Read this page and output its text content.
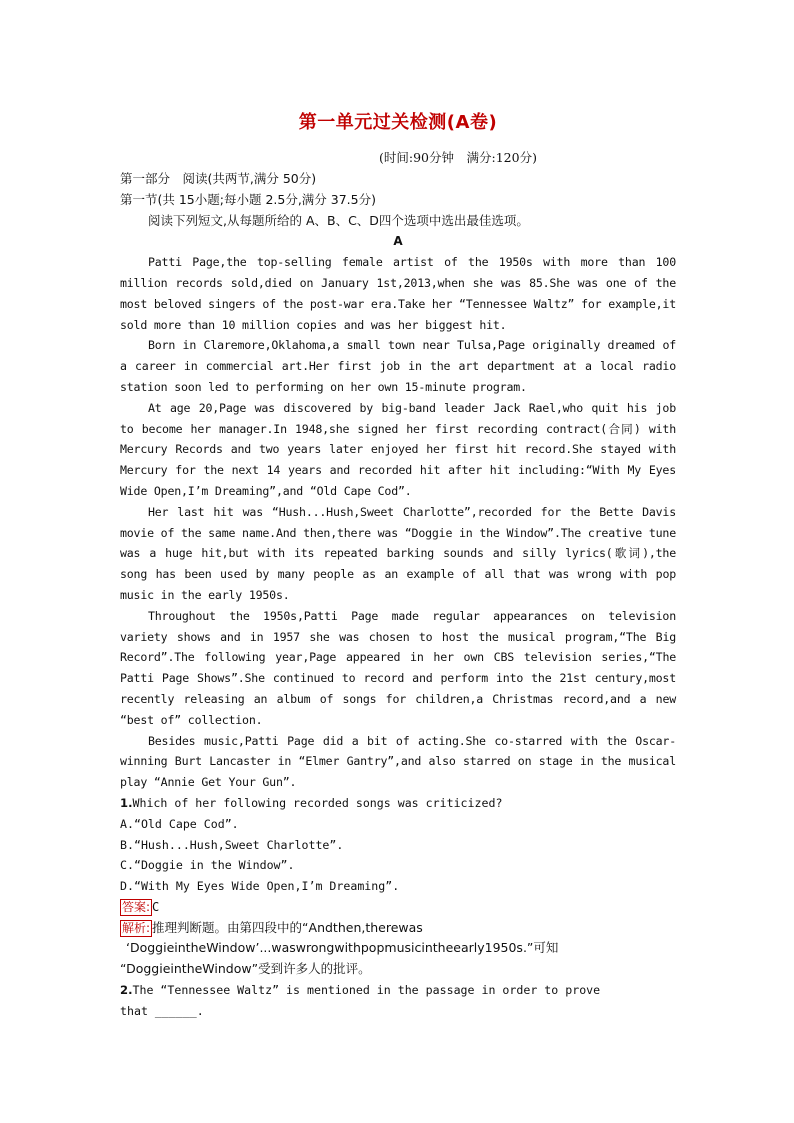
第一单元过关检测(A卷)
(时间:90分钟　满分:120分)
第一部分　阅读(共两节,满分 50分)
第一节(共 15小题;每小题 2.5分,满分 37.5分)
阅读下列短文,从每题所给的 A、B、C、D四个选项中选出最佳选项。
A

Patti Page,the top-selling female artist of the 1950s with more than 100 million records sold,died on January 1st,2013,when she was 85.She was one of the most beloved singers of the post-war era.Take her “Tennessee Waltz” for example,it sold more than 10 million copies and was her biggest hit.

Born in Claremore,Oklahoma,a small town near Tulsa,Page originally dreamed of a career in commercial art.Her first job in the art department at a local radio station soon led to performing on her own 15-minute program.

At age 20,Page was discovered by big-band leader Jack Rael,who quit his job to become her manager.In 1948,she signed her first recording contract(合同) with Mercury Records and two years later enjoyed her first hit record.She stayed with Mercury for the next 14 years and recorded hit after hit including:“With My Eyes Wide Open,I’m Dreaming”,and “Old Cape Cod”.

Her last hit was “Hush...Hush,Sweet Charlotte”,recorded for the Bette Davis movie of the same name.And then,there was “Doggie in the Window”.The creative tune was a huge hit,but with its repeated barking sounds and silly lyrics(歌词),the song has been used by many people as an example of all that was wrong with pop music in the early 1950s.

Throughout the 1950s,Patti Page made regular appearances on television variety shows and in 1957 she was chosen to host the musical program,“The Big Record”.The following year,Page appeared in her own CBS television series,“The Patti Page Shows”.She continued to record and perform into the 21st century,most recently releasing an album of songs for children,a Christmas record,and a new “best of” collection.

Besides music,Patti Page did a bit of acting.She co-starred with the Oscar-winning Burt Lancaster in “Elmer Gantry”,and also starred on stage in the musical play “Annie Get Your Gun”.

1.Which of her following recorded songs was criticized?
A.“Old Cape Cod”.
B.“Hush...Hush,Sweet Charlotte”.
C.“Doggie in the Window”.
D.“With My Eyes Wide Open,I’m Dreaming”.
答案: C
解析: 推理判断题。由第四段中的“Andthen,therewas
‘DoggieintheWindow’...waswrongwithpopmusicintheearly1950s.”可知
“DoggieintheWindow”受到许多人的批评。
2.The “Tennessee Waltz” is mentioned in the passage in order to prove
that ______.
